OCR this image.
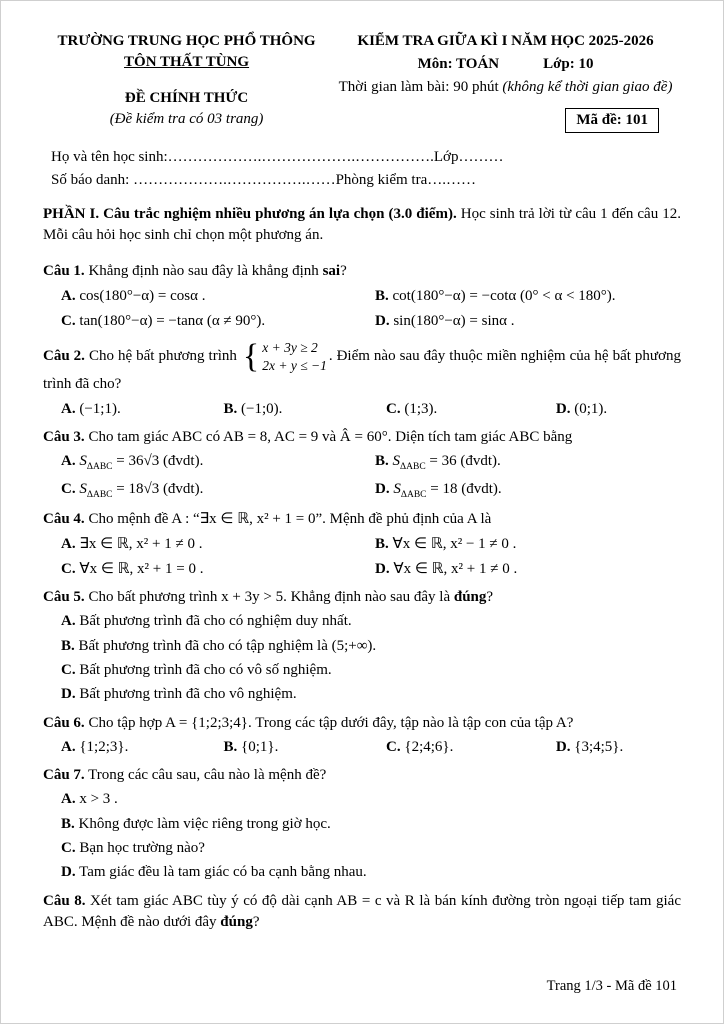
TRƯỜNG TRUNG HỌC PHỔ THÔNG
TÔN THẤT TÙNG
ĐỀ CHÍNH THỨC
(Đề kiểm tra có 03 trang)
KIỂM TRA GIỮA KÌ I NĂM HỌC 2025-2026
Môn: TOÁN	Lớp: 10
Thời gian làm bài: 90 phút (không kể thời gian giao đề)
Mã đề: 101

Họ và tên học sinh:……………….……………….…………….Lớp………

Số báo danh: ……………….…………….……Phòng kiểm tra….……

PHẦN I. Câu trắc nghiệm nhiều phương án lựa chọn (3.0 điểm). Học sinh trả lời từ câu 1 đến câu 12. Mỗi câu hỏi học sinh chỉ chọn một phương án.

Câu 1. Khẳng định nào sau đây là khẳng định sai?

A. cos(180°−α) = cosα .	B. cot(180°−α) = −cotα (0° < α < 180°).
C. tan(180°−α) = −tanα (α ≠ 90°).	D. sin(180°−α) = sinα .

Câu 2. Cho hệ bất phương trình { x + 3y ≥ 2
2x + y ≤ −1
. Điểm nào sau đây thuộc miền nghiệm của hệ bất phương trình đã cho?

A. (−1;1).	B. (−1;0).	C. (1;3).	D. (0;1).

Câu 3. Cho tam giác ABC có AB = 8, AC = 9 và Â = 60°. Diện tích tam giác ABC bằng

A. $S_{\Delta ABC} = 36√3$ (đvdt).	B. $S_{\Delta ABC} = 36$ (đvdt).
C. $S_{\Delta ABC} = 18√3$ (đvdt).	D. $S_{\Delta ABC} = 18$ (đvdt).

Câu 4. Cho mệnh đề A : “∃x ∈ ℝ, x² + 1 = 0”. Mệnh đề phủ định của A là

A. ∃x ∈ ℝ, x² + 1 ≠ 0 .	B. ∀x ∈ ℝ, x² − 1 ≠ 0 .
C. ∀x ∈ ℝ, x² + 1 = 0 .	D. ∀x ∈ ℝ, x² + 1 ≠ 0 .

Câu 5. Cho bất phương trình x + 3y > 5. Khẳng định nào sau đây là đúng?

A. Bất phương trình đã cho có nghiệm duy nhất.
B. Bất phương trình đã cho có tập nghiệm là (5;+∞).
C. Bất phương trình đã cho có vô số nghiệm.
D. Bất phương trình đã cho vô nghiệm.

Câu 6. Cho tập hợp A = {1;2;3;4}. Trong các tập dưới đây, tập nào là tập con của tập A?

A. {1;2;3}.	B. {0;1}.	C. {2;4;6}.	D. {3;4;5}.

Câu 7. Trong các câu sau, câu nào là mệnh đề?

A. x > 3 .
B. Không được làm việc riêng trong giờ học.
C. Bạn học trường nào?
D. Tam giác đều là tam giác có ba cạnh bằng nhau.

Câu 8. Xét tam giác ABC tùy ý có độ dài cạnh AB = c và R là bán kính đường tròn ngoại tiếp tam giác ABC. Mệnh đề nào dưới đây đúng?

Trang 1/3 - Mã đề 101
